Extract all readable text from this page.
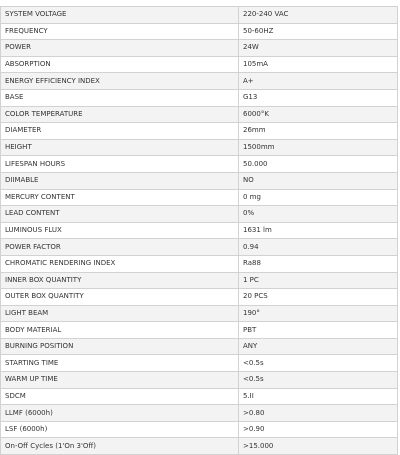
SYSTEM VOLTAGE	220-240 VAC
FREQUENCY	50-60HZ
POWER	24W
ABSORPTION	105mA
ENERGY EFFICIENCY INDEX	A+
BASE	G13
COLOR TEMPERATURE	6000°K
DIAMETER	26mm
HEIGHT	1500mm
LIFESPAN HOURS	50.000
DIIMABLE	NO
MERCURY CONTENT	0 mg
LEAD CONTENT	0%
LUMINOUS FLUX	1631 lm
POWER FACTOR	0.94
CHROMATIC RENDERING INDEX	Ra88
INNER BOX QUANTITY	1 PC
OUTER BOX QUANTITY	20 PCS
LIGHT BEAM	190°
BODY MATERIAL	PBT
BURNING POSITION	ANY
STARTING TIME	<0.5s
WARM UP TIME	<0.5s
SDCM	5.II
LLMF (6000h)	>0.80
LSF (6000h)	>0.90
On-Off Cycles (1'On 3'Off)	>15.000
